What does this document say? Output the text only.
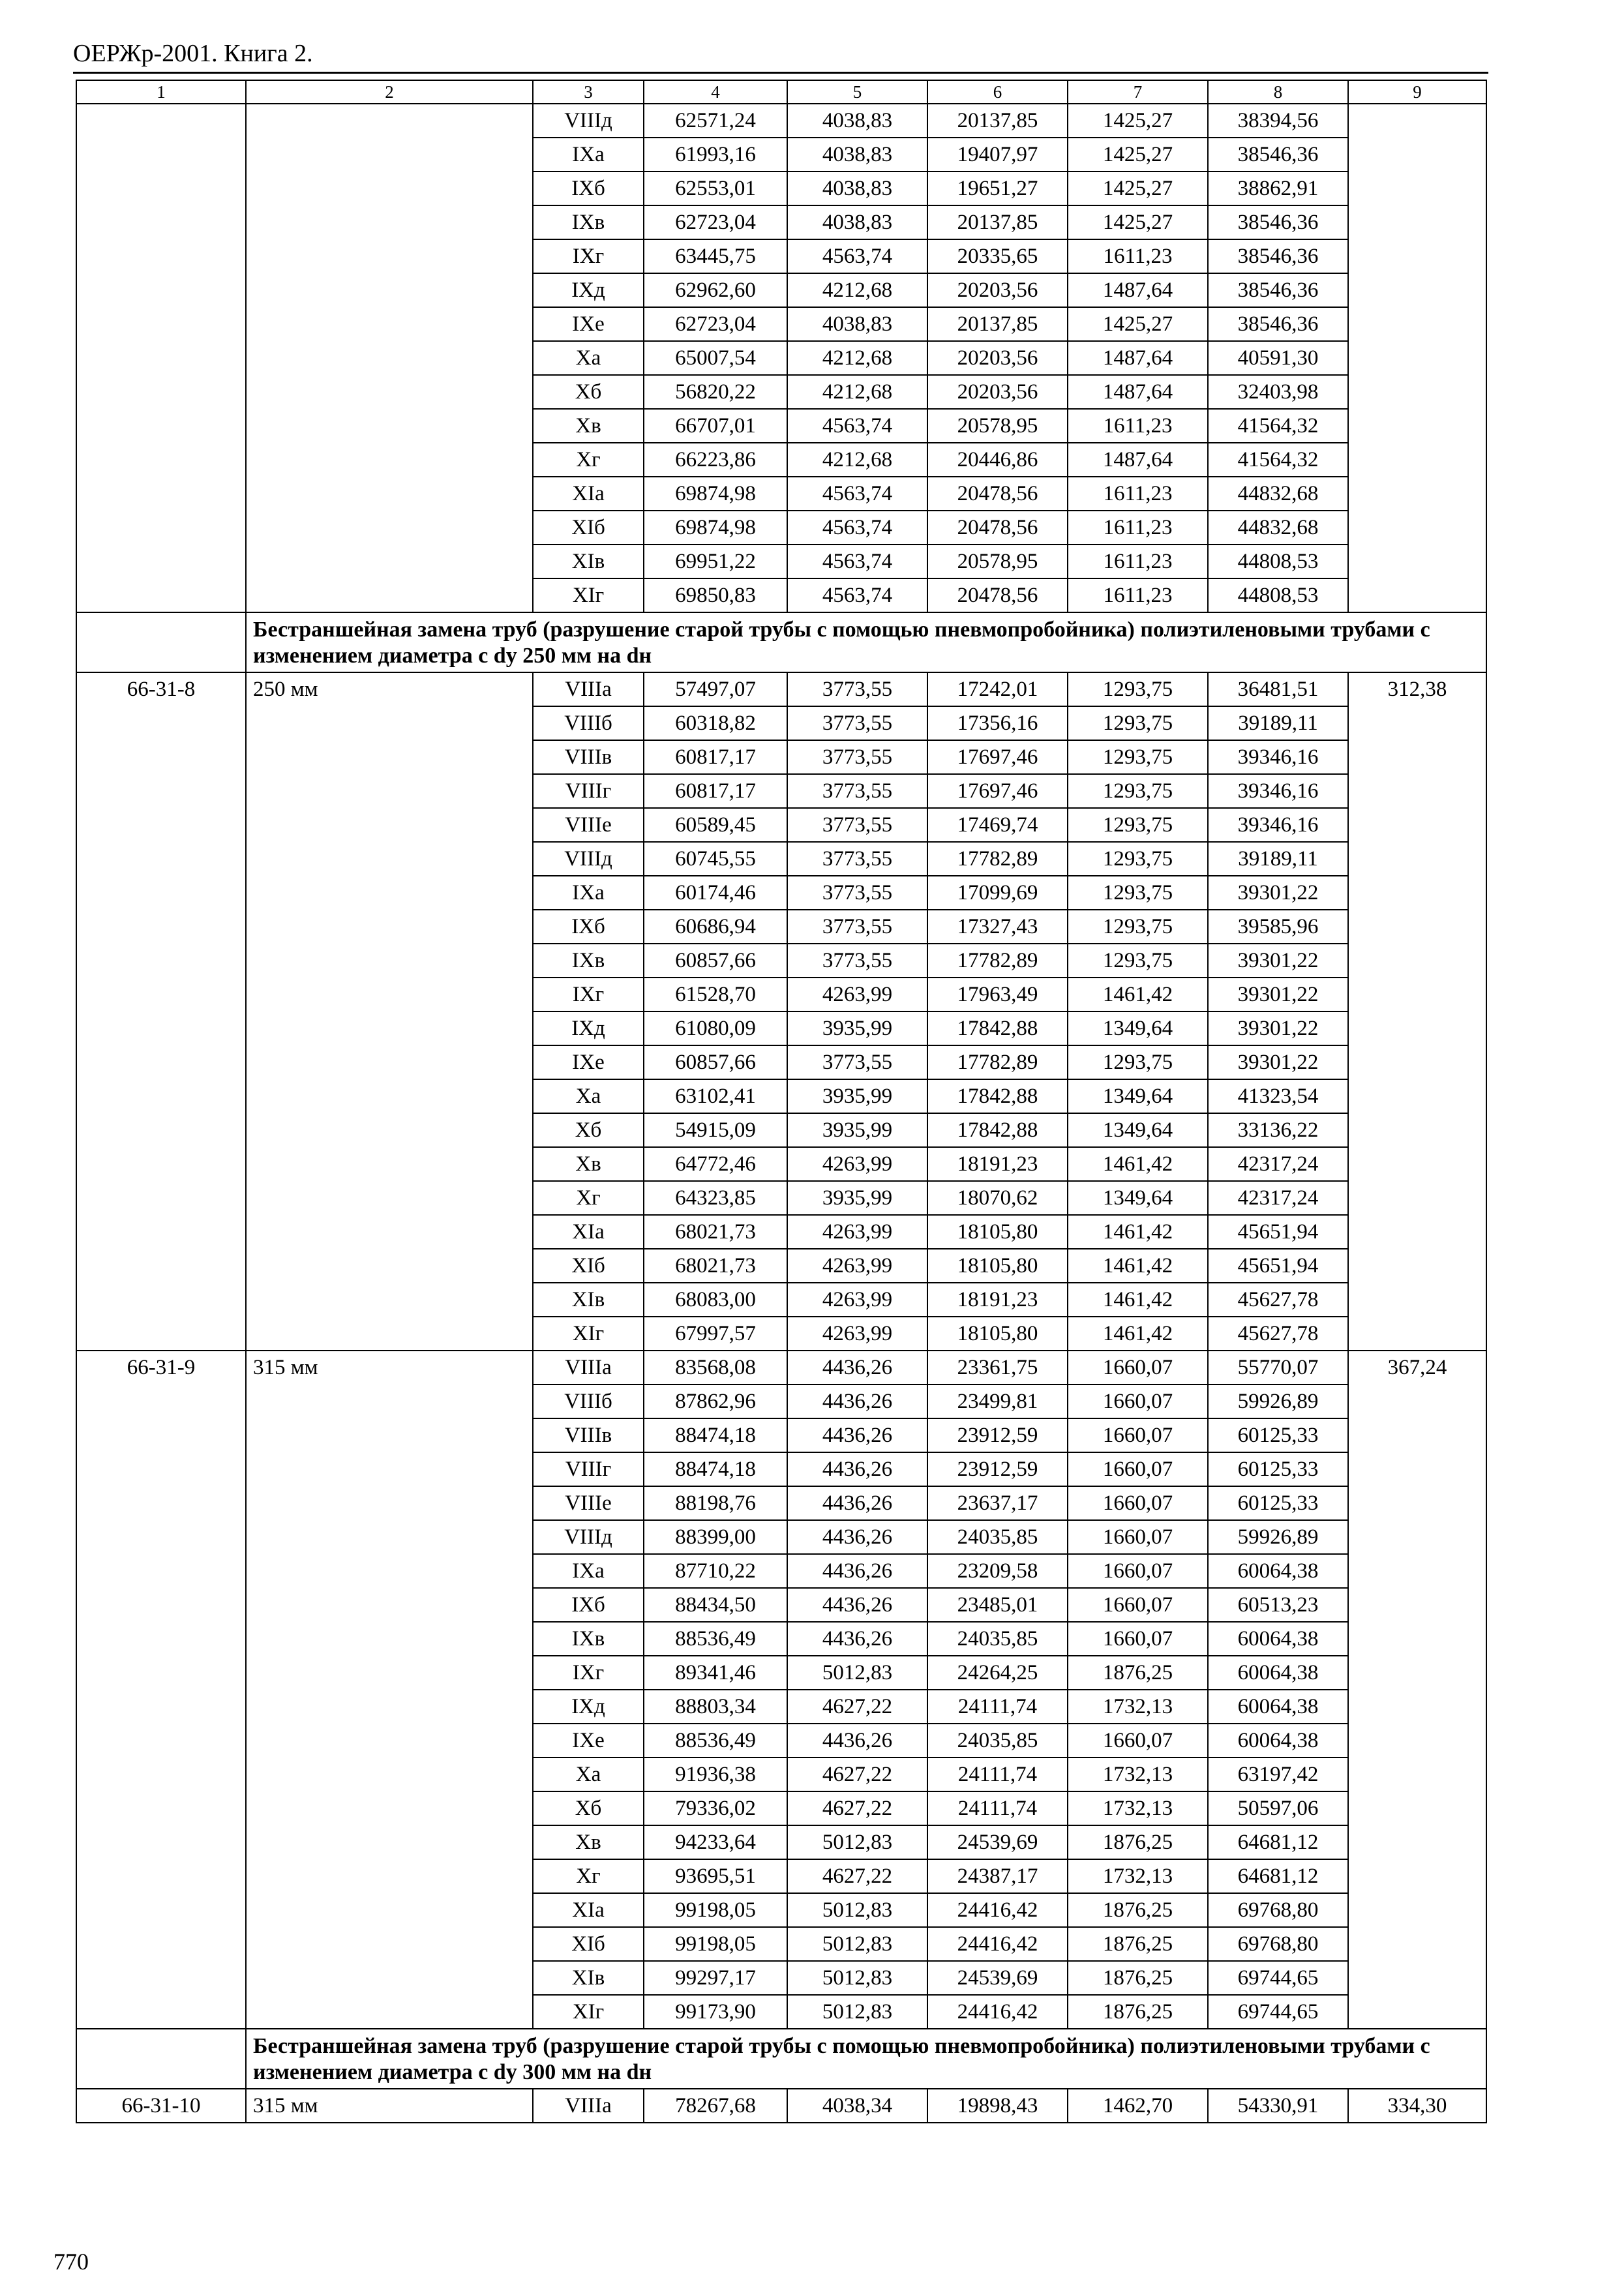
ОЕРЖр-2001. Книга 2.
1	2	3	4	5	6	7	8	9
		VIIIд	62571,24	4038,83	20137,85	1425,27	38394,56	
		IXа	61993,16	4038,83	19407,97	1425,27	38546,36	
		IXб	62553,01	4038,83	19651,27	1425,27	38862,91	
		IXв	62723,04	4038,83	20137,85	1425,27	38546,36	
		IXг	63445,75	4563,74	20335,65	1611,23	38546,36	
		IXд	62962,60	4212,68	20203,56	1487,64	38546,36	
		IXе	62723,04	4038,83	20137,85	1425,27	38546,36	
		Xа	65007,54	4212,68	20203,56	1487,64	40591,30	
		Xб	56820,22	4212,68	20203,56	1487,64	32403,98	
		Xв	66707,01	4563,74	20578,95	1611,23	41564,32	
		Xг	66223,86	4212,68	20446,86	1487,64	41564,32	
		XIа	69874,98	4563,74	20478,56	1611,23	44832,68	
		XIб	69874,98	4563,74	20478,56	1611,23	44832,68	
		XIв	69951,22	4563,74	20578,95	1611,23	44808,53	
		XIг	69850,83	4563,74	20478,56	1611,23	44808,53	
	Бестраншейная замена труб (разрушение старой трубы с помощью пневмопробойника) полиэтиленовыми трубами с изменением диаметра с dу 250 мм на dн							
66-31-8	250 мм	VIIIа	57497,07	3773,55	17242,01	1293,75	36481,51	312,38
		VIIIб	60318,82	3773,55	17356,16	1293,75	39189,11	
		VIIIв	60817,17	3773,55	17697,46	1293,75	39346,16	
		VIIIг	60817,17	3773,55	17697,46	1293,75	39346,16	
		VIIIе	60589,45	3773,55	17469,74	1293,75	39346,16	
		VIIIд	60745,55	3773,55	17782,89	1293,75	39189,11	
		IXа	60174,46	3773,55	17099,69	1293,75	39301,22	
		IXб	60686,94	3773,55	17327,43	1293,75	39585,96	
		IXв	60857,66	3773,55	17782,89	1293,75	39301,22	
		IXг	61528,70	4263,99	17963,49	1461,42	39301,22	
		IXд	61080,09	3935,99	17842,88	1349,64	39301,22	
		IXе	60857,66	3773,55	17782,89	1293,75	39301,22	
		Xа	63102,41	3935,99	17842,88	1349,64	41323,54	
		Xб	54915,09	3935,99	17842,88	1349,64	33136,22	
		Xв	64772,46	4263,99	18191,23	1461,42	42317,24	
		Xг	64323,85	3935,99	18070,62	1349,64	42317,24	
		XIа	68021,73	4263,99	18105,80	1461,42	45651,94	
		XIб	68021,73	4263,99	18105,80	1461,42	45651,94	
		XIв	68083,00	4263,99	18191,23	1461,42	45627,78	
		XIг	67997,57	4263,99	18105,80	1461,42	45627,78	
66-31-9	315 мм	VIIIа	83568,08	4436,26	23361,75	1660,07	55770,07	367,24
		VIIIб	87862,96	4436,26	23499,81	1660,07	59926,89	
		VIIIв	88474,18	4436,26	23912,59	1660,07	60125,33	
		VIIIг	88474,18	4436,26	23912,59	1660,07	60125,33	
		VIIIе	88198,76	4436,26	23637,17	1660,07	60125,33	
		VIIIд	88399,00	4436,26	24035,85	1660,07	59926,89	
		IXа	87710,22	4436,26	23209,58	1660,07	60064,38	
		IXб	88434,50	4436,26	23485,01	1660,07	60513,23	
		IXв	88536,49	4436,26	24035,85	1660,07	60064,38	
		IXг	89341,46	5012,83	24264,25	1876,25	60064,38	
		IXд	88803,34	4627,22	24111,74	1732,13	60064,38	
		IXе	88536,49	4436,26	24035,85	1660,07	60064,38	
		Xа	91936,38	4627,22	24111,74	1732,13	63197,42	
		Xб	79336,02	4627,22	24111,74	1732,13	50597,06	
		Xв	94233,64	5012,83	24539,69	1876,25	64681,12	
		Xг	93695,51	4627,22	24387,17	1732,13	64681,12	
		XIа	99198,05	5012,83	24416,42	1876,25	69768,80	
		XIб	99198,05	5012,83	24416,42	1876,25	69768,80	
		XIв	99297,17	5012,83	24539,69	1876,25	69744,65	
		XIг	99173,90	5012,83	24416,42	1876,25	69744,65	
	Бестраншейная замена труб (разрушение старой трубы с помощью пневмопробойника) полиэтиленовыми трубами с изменением диаметра с dу 300 мм на dн							
66-31-10	315 мм	VIIIа	78267,68	4038,34	19898,43	1462,70	54330,91	334,30
770
